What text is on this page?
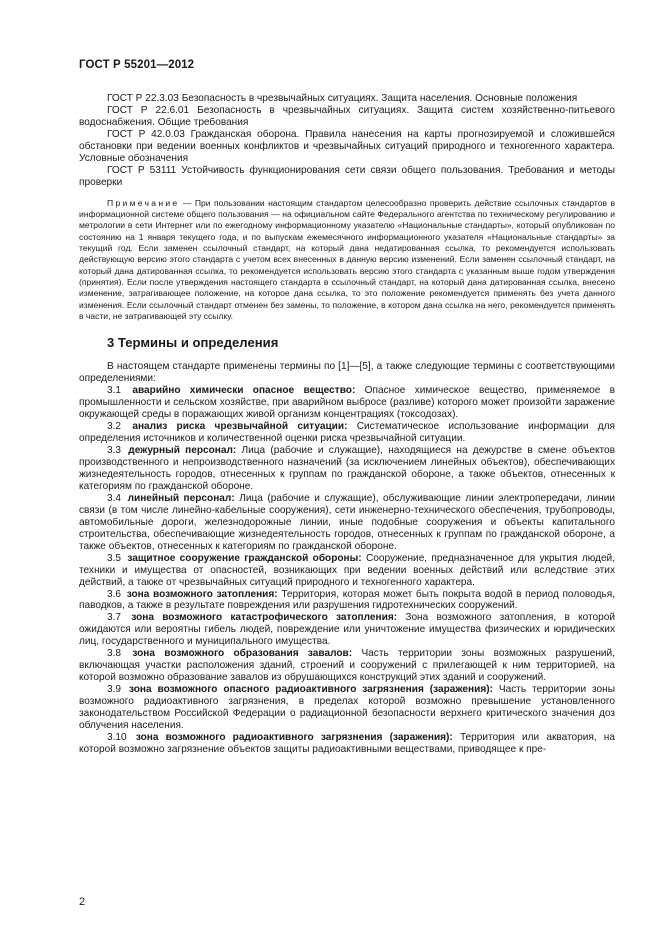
ГОСТ Р 55201—2012

ГОСТ Р 22.3.03 Безопасность в чрезвычайных ситуациях. Защита населения. Основные положения

ГОСТ Р 22.6.01 Безопасность в чрезвычайных ситуациях. Защита систем хозяйственно-питьевого водоснабжения. Общие требования

ГОСТ Р 42.0.03 Гражданская оборона. Правила нанесения на карты прогнозируемой и сложившейся обстановки при ведении военных конфликтов и чрезвычайных ситуаций природного и техногенного характера. Условные обозначения

ГОСТ Р 53111 Устойчивость функционирования сети связи общего пользования. Требования и методы проверки

Примечание — При пользовании настоящим стандартом целесообразно проверить действие ссылочных стандартов в информационной системе общего пользования — на официальном сайте Федерального агентства по техническому регулированию и метрологии в сети Интернет или по ежегодному информационному указателю «Национальные стандарты», который опубликован по состоянию на 1 января текущего года, и по выпускам ежемесячного информационного указателя «Национальные стандарты» за текущий год. Если заменен ссылочный стандарт, на который дана недатированная ссылка, то рекомендуется использовать действующую версию этого стандарта с учетом всех внесенных в данную версию изменений. Если заменен ссылочный стандарт, на который дана датированная ссылка, то рекомендуется использовать версию этого стандарта с указанным выше годом утверждения (принятия). Если после утверждения настоящего стандарта в ссылочный стандарт, на который дана датированная ссылка, внесено изменение, затрагивающее положение, на которое дана ссылка, то это положение рекомендуется применять без учета данного изменения. Если ссылочный стандарт отменен без замены, то положение, в котором дана ссылка на него, рекомендуется применять в части, не затрагивающей эту ссылку.

3 Термины и определения

В настоящем стандарте применены термины по [1]—[5], а также следующие термины с соответствующими определениями:

3.1 аварийно химически опасное вещество: Опасное химическое вещество, применяемое в промышленности и сельском хозяйстве, при аварийном выбросе (разливе) которого может произойти заражение окружающей среды в поражающих живой организм концентрациях (токсодозах).

3.2 анализ риска чрезвычайной ситуации: Систематическое использование информации для определения источников и количественной оценки риска чрезвычайной ситуации.

3.3 дежурный персонал: Лица (рабочие и служащие), находящиеся на дежурстве в смене объектов производственного и непроизводственного назначений (за исключением линейных объектов), обеспечивающих жизнедеятельность городов, отнесенных к группам по гражданской обороне, а также объектов, отнесенных к категориям по гражданской обороне.

3.4 линейный персонал: Лица (рабочие и служащие), обслуживающие линии электропередачи, линии связи (в том числе линейно-кабельные сооружения), сети инженерно-технического обеспечения, трубопроводы, автомобильные дороги, железнодорожные линии, иные подобные сооружения и объекты капитального строительства, обеспечивающие жизнедеятельность городов, отнесенных к группам по гражданской обороне, а также объектов, отнесенных к категориям по гражданской обороне.

3.5 защитное сооружение гражданской обороны: Сооружение, предназначенное для укрытия людей, техники и имущества от опасностей, возникающих при ведении военных действий или вследствие этих действий, а также от чрезвычайных ситуаций природного и техногенного характера.

3.6 зона возможного затопления: Территория, которая может быть покрыта водой в период половодья, паводков, а также в результате повреждения или разрушения гидротехнических сооружений.

3.7 зона возможного катастрофического затопления: Зона возможного затопления, в которой ожидаются или вероятны гибель людей, повреждение или уничтожение имущества физических и юридических лиц, государственного и муниципального имущества.

3.8 зона возможного образования завалов: Часть территории зоны возможных разрушений, включающая участки расположения зданий, строений и сооружений с прилегающей к ним территорией, на которой возможно образование завалов из обрушающихся конструкций этих зданий и сооружений.

3.9 зона возможного опасного радиоактивного загрязнения (заражения): Часть территории зоны возможного радиоактивного загрязнения, в пределах которой возможно превышение установленного законодательством Российской Федерации о радиационной безопасности верхнего критического значения доз облучения населения.

3.10 зона возможного радиоактивного загрязнения (заражения): Территория или акватория, на которой возможно загрязнение объектов защиты радиоактивными веществами, приводящее к пре-

2
